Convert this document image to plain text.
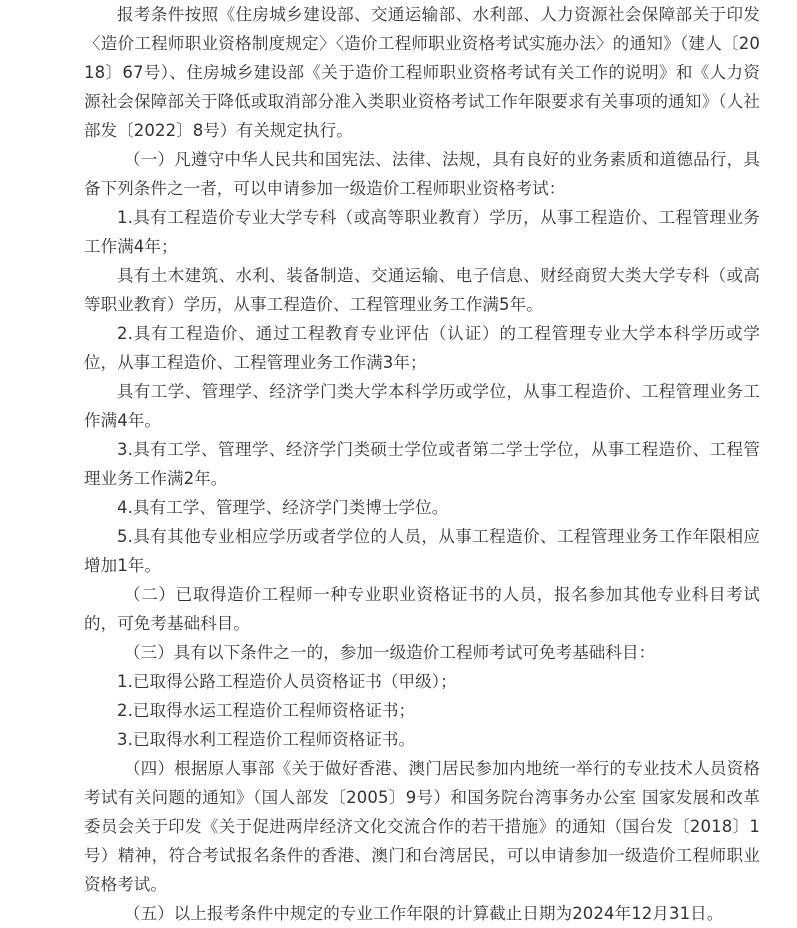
报考条件按照《住房城乡建设部、交通运输部、水利部、人力资源社会保障部关于印发〈造价工程师职业资格制度规定〉〈造价工程师职业资格考试实施办法〉的通知》（建人〔2018〕67号）、住房城乡建设部《关于造价工程师职业资格考试有关工作的说明》和《人力资源社会保障部关于降低或取消部分准入类职业资格考试工作年限要求有关事项的通知》（人社部发〔2022〕8号）有关规定执行。

（一）凡遵守中华人民共和国宪法、法律、法规，具有良好的业务素质和道德品行，具备下列条件之一者，可以申请参加一级造价工程师职业资格考试：

1.具有工程造价专业大学专科（或高等职业教育）学历，从事工程造价、工程管理业务工作满4年；

具有土木建筑、水利、装备制造、交通运输、电子信息、财经商贸大类大学专科（或高等职业教育）学历，从事工程造价、工程管理业务工作满5年。

2.具有工程造价、通过工程教育专业评估（认证）的工程管理专业大学本科学历或学位，从事工程造价、工程管理业务工作满3年；

具有工学、管理学、经济学门类大学本科学历或学位，从事工程造价、工程管理业务工作满4年。

3.具有工学、管理学、经济学门类硕士学位或者第二学士学位，从事工程造价、工程管理业务工作满2年。

4.具有工学、管理学、经济学门类博士学位。

5.具有其他专业相应学历或者学位的人员，从事工程造价、工程管理业务工作年限相应增加1年。

（二）已取得造价工程师一种专业职业资格证书的人员，报名参加其他专业科目考试的，可免考基础科目。

（三）具有以下条件之一的，参加一级造价工程师考试可免考基础科目：

1.已取得公路工程造价人员资格证书（甲级）；

2.已取得水运工程造价工程师资格证书；

3.已取得水利工程造价工程师资格证书。

（四）根据原人事部《关于做好香港、澳门居民参加内地统一举行的专业技术人员资格考试有关问题的通知》（国人部发〔2005〕9号）和国务院台湾事务办公室 国家发展和改革委员会关于印发《关于促进两岸经济文化交流合作的若干措施》的通知（国台发〔2018〕1号）精神，符合考试报名条件的香港、澳门和台湾居民，可以申请参加一级造价工程师职业资格考试。

（五）以上报考条件中规定的专业工作年限的计算截止日期为2024年12月31日。
